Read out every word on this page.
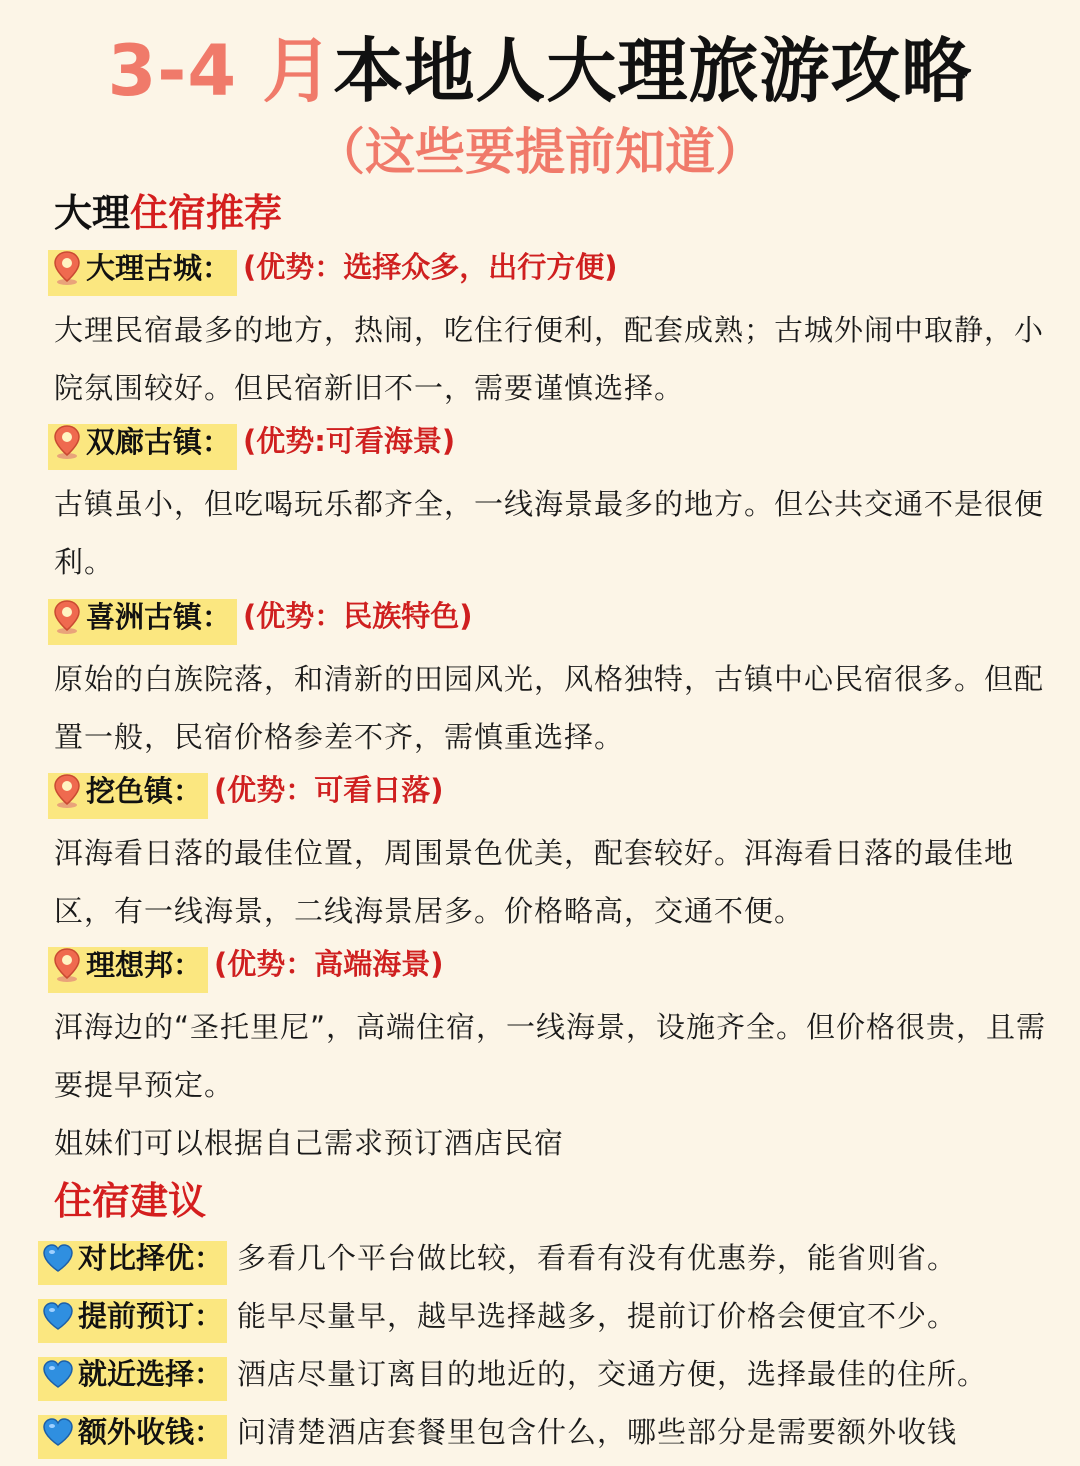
3-4 月本地人大理旅游攻略
（这些要提前知道）
大理住宿推荐
大理古城： (优势：选择众多，出行方便)
大理民宿最多的地方，热闹，吃住行便利，配套成熟；古城外闹中取静，小院氛围较好。但民宿新旧不一，需要谨慎选择。
双廊古镇： (优势:可看海景)
古镇虽小，但吃喝玩乐都齐全，一线海景最多的地方。但公共交通不是很便利。
喜洲古镇： (优势：民族特色)
原始的白族院落，和清新的田园风光，风格独特，古镇中心民宿很多。但配置一般，民宿价格参差不齐，需慎重选择。
挖色镇： (优势：可看日落)
洱海看日落的最佳位置，周围景色优美，配套较好。洱海看日落的最佳地区，有一线海景，二线海景居多。价格略高，交通不便。
理想邦： (优势：高端海景)
洱海边的“圣托里尼”，高端住宿，一线海景，设施齐全。但价格很贵，且需要提早预定。
姐妹们可以根据自己需求预订酒店民宿
住宿建议
对比择优： 多看几个平台做比较，看看有没有优惠券，能省则省。
提前预订： 能早尽量早，越早选择越多，提前订价格会便宜不少。
就近选择： 酒店尽量订离目的地近的，交通方便，选择最佳的住所。
额外收钱： 问清楚酒店套餐里包含什么，哪些部分是需要额外收钱
